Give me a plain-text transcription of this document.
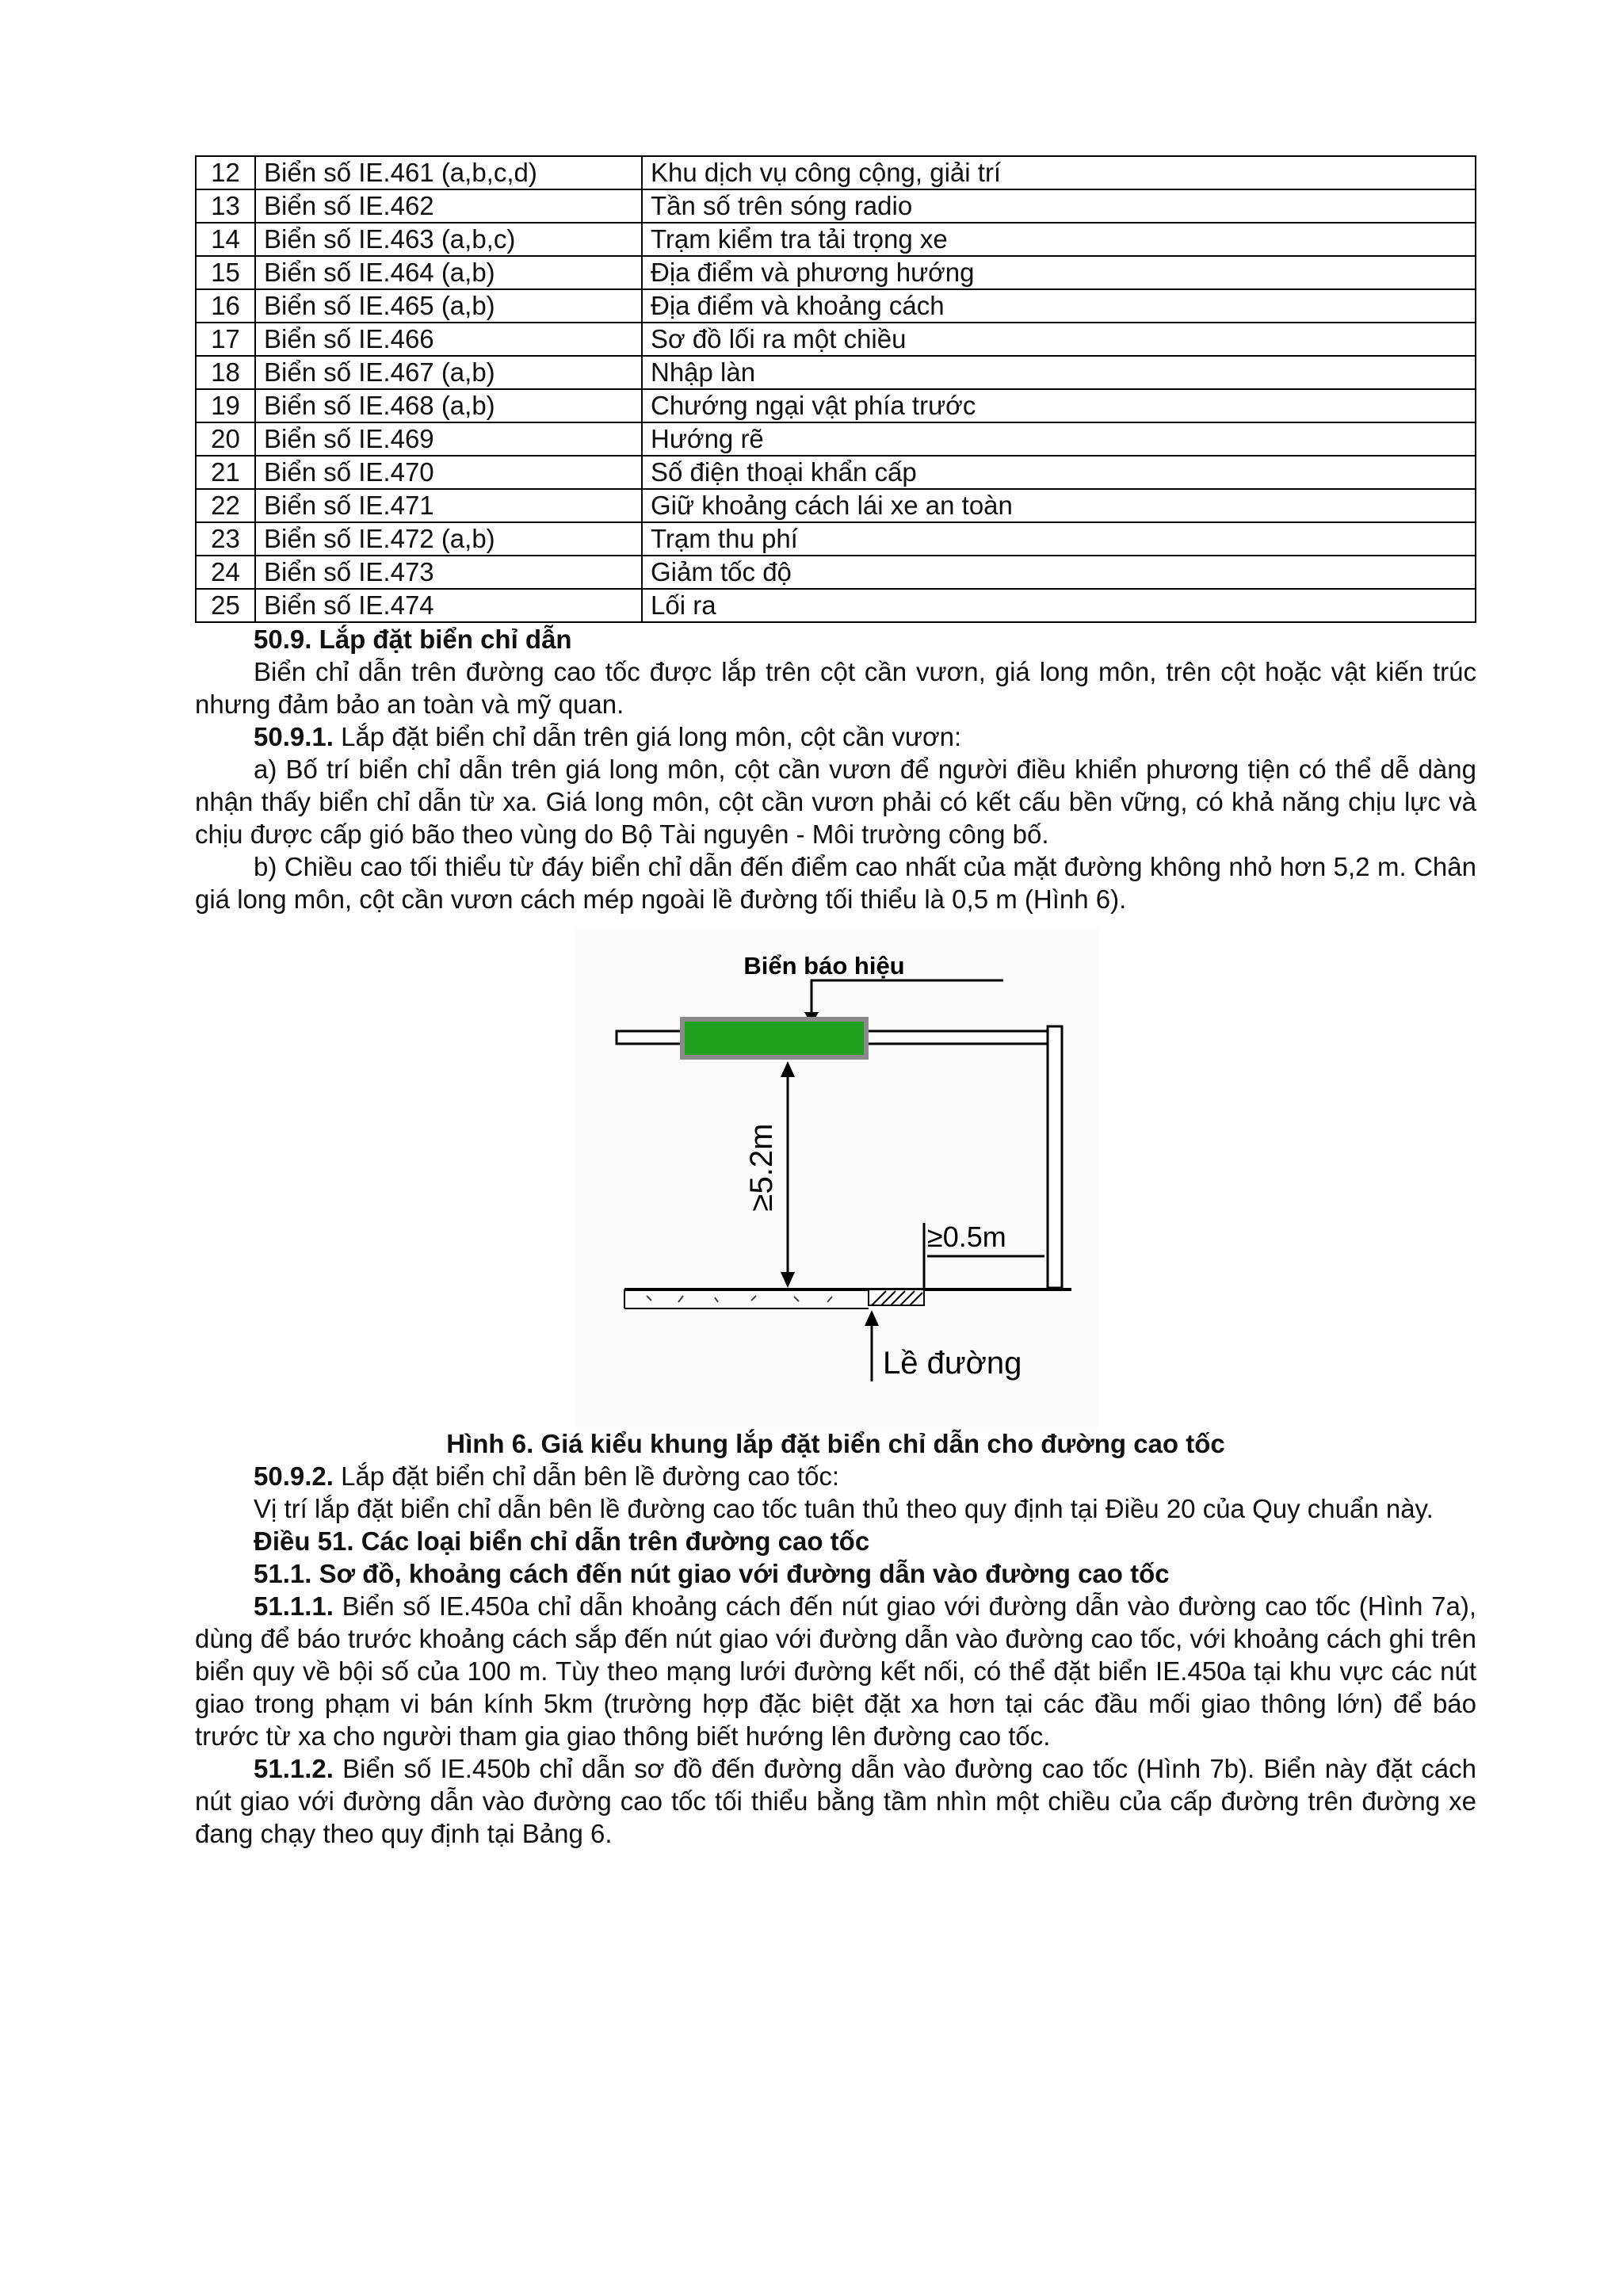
12	Biển số IE.461 (a,b,c,d)	Khu dịch vụ công cộng, giải trí
13	Biển số IE.462	Tần số trên sóng radio
14	Biển số IE.463 (a,b,c)	Trạm kiểm tra tải trọng xe
15	Biển số IE.464 (a,b)	Địa điểm và phương hướng
16	Biển số IE.465 (a,b)	Địa điểm và khoảng cách
17	Biển số IE.466	Sơ đồ lối ra một chiều
18	Biển số IE.467 (a,b)	Nhập làn
19	Biển số IE.468 (a,b)	Chướng ngại vật phía trước
20	Biển số IE.469	Hướng rẽ
21	Biển số IE.470	Số điện thoại khẩn cấp
22	Biển số IE.471	Giữ khoảng cách lái xe an toàn
23	Biển số IE.472 (a,b)	Trạm thu phí
24	Biển số IE.473	Giảm tốc độ
25	Biển số IE.474	Lối ra
50.9. Lắp đặt biển chỉ dẫn

Biển chỉ dẫn trên đường cao tốc được lắp trên cột cần vươn, giá long môn, trên cột hoặc vật kiến trúc nhưng đảm bảo an toàn và mỹ quan.

50.9.1. Lắp đặt biển chỉ dẫn trên giá long môn, cột cần vươn:

a) Bố trí biển chỉ dẫn trên giá long môn, cột cần vươn để người điều khiển phương tiện có thể dễ dàng nhận thấy biển chỉ dẫn từ xa. Giá long môn, cột cần vươn phải có kết cấu bền vững, có khả năng chịu lực và chịu được cấp gió bão theo vùng do Bộ Tài nguyên - Môi trường công bố.

b) Chiều cao tối thiểu từ đáy biển chỉ dẫn đến điểm cao nhất của mặt đường không nhỏ hơn 5,2 m. Chân giá long môn, cột cần vươn cách mép ngoài lề đường tối thiểu là 0,5 m (Hình 6).

Biển báo hiệu
≥5.2m
≥0.5m
Lề đường
Hình 6. Giá kiểu khung lắp đặt biển chỉ dẫn cho đường cao tốc

50.9.2. Lắp đặt biển chỉ dẫn bên lề đường cao tốc:

Vị trí lắp đặt biển chỉ dẫn bên lề đường cao tốc tuân thủ theo quy định tại Điều 20 của Quy chuẩn này.

Điều 51. Các loại biển chỉ dẫn trên đường cao tốc
51.1. Sơ đồ, khoảng cách đến nút giao với đường dẫn vào đường cao tốc

51.1.1. Biển số IE.450a chỉ dẫn khoảng cách đến nút giao với đường dẫn vào đường cao tốc (Hình 7a), dùng để báo trước khoảng cách sắp đến nút giao với đường dẫn vào đường cao tốc, với khoảng cách ghi trên biển quy về bội số của 100 m. Tùy theo mạng lưới đường kết nối, có thể đặt biển IE.450a tại khu vực các nút giao trong phạm vi bán kính 5km (trường hợp đặc biệt đặt xa hơn tại các đầu mối giao thông lớn) để báo trước từ xa cho người tham gia giao thông biết hướng lên đường cao tốc.

51.1.2. Biển số IE.450b chỉ dẫn sơ đồ đến đường dẫn vào đường cao tốc (Hình 7b). Biển này đặt cách nút giao với đường dẫn vào đường cao tốc tối thiểu bằng tầm nhìn một chiều của cấp đường trên đường xe đang chạy theo quy định tại Bảng 6.
